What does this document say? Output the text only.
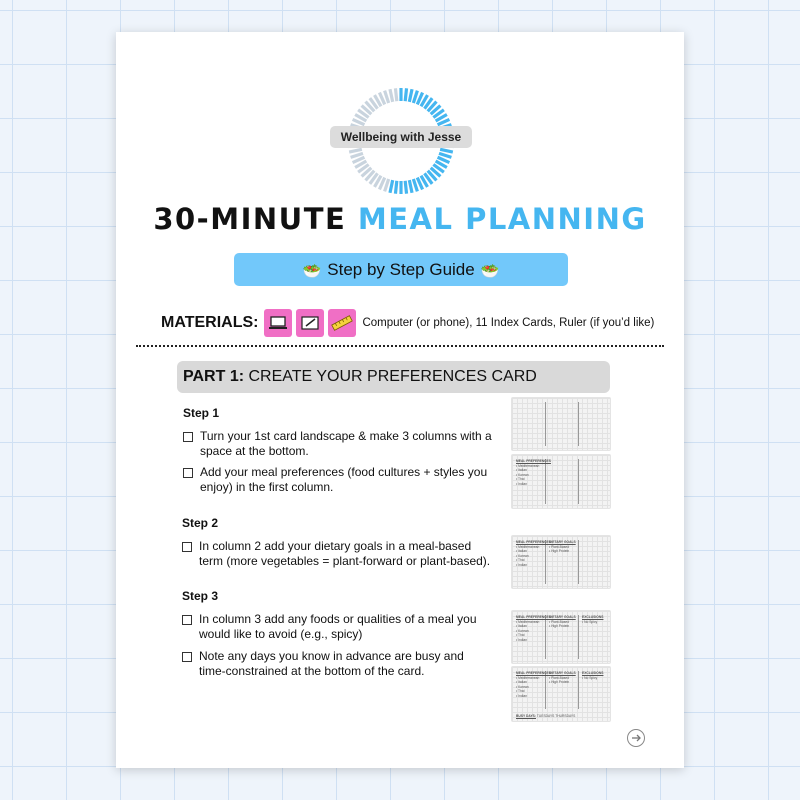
Wellbeing with Jesse
30-MINUTE MEAL PLANNING
🥗 Step by Step Guide 🥗
MATERIALS:	Computer (or phone), 11 Index Cards, Ruler (if you’d like)
PART 1: CREATE YOUR PREFERENCES CARD
Step 1
Turn your 1st card landscape & make 3 columns with a space at the bottom.
Add your meal preferences (food cultures + styles you enjoy) in the first column.
Step 2
In column 2 add your dietary goals in a meal-based term (more vegetables = plant-forward or plant-based).
Step 3
In column 3 add any foods or qualities of a meal you would like to avoid (e.g., spicy)
Note any days you know in advance are busy and time-constrained at the bottom of the card.
MEAL PREFERENCES
• Mediterranean
• Italian
• Korean
• Thai
• Indian
MEAL PREFERENCES
• Mediterranean
• Italian
• Korean
• Thai
• Indian
DIETARY GOALS
• Plant-Based
• High Protein
MEAL PREFERENCES
• Mediterranean
• Italian
• Korean
• Thai
• Indian
DIETARY GOALS
• Plant-Based
• High Protein
EXCLUSIONS
• No Spicy
MEAL PREFERENCES
• Mediterranean
• Italian
• Korean
• Thai
• Indian
DIETARY GOALS
• Plant-Based
• High Protein
EXCLUSIONS
• No Spicy
BUSY DAYS: TUESDAYS THURSDAYS
